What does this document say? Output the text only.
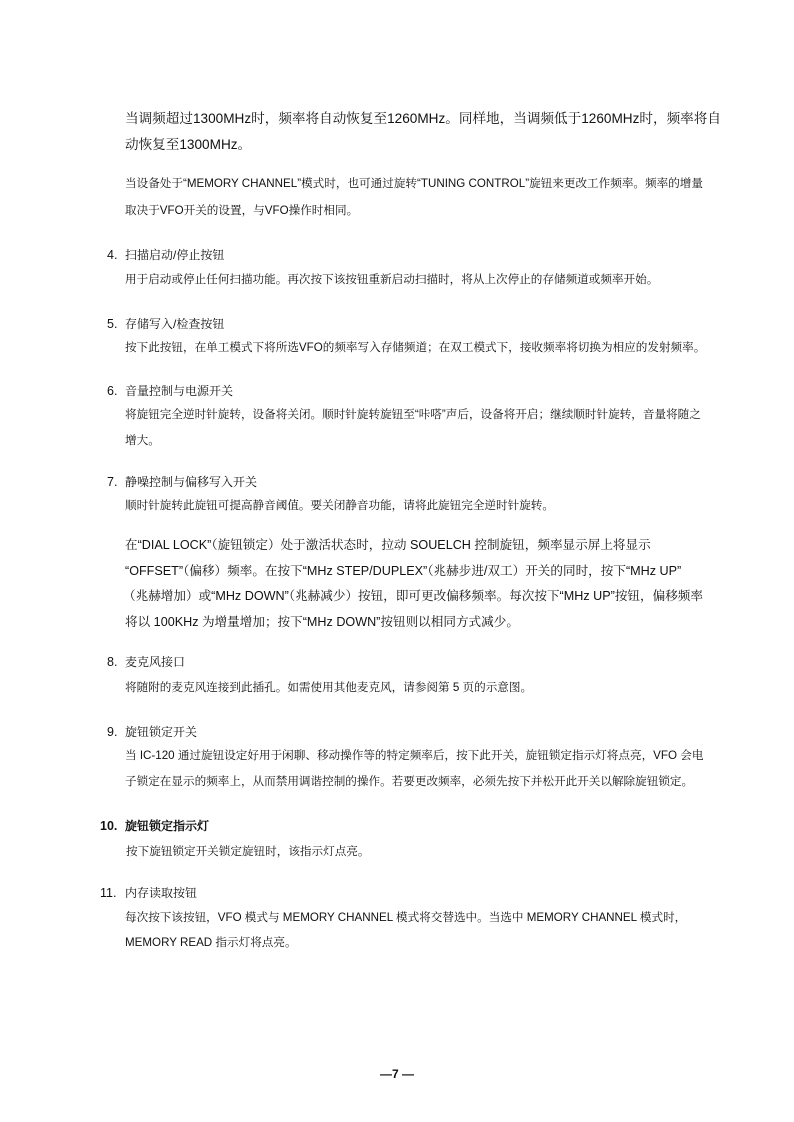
当调频超过1300MHz时，频率将自动恢复至1260MHz。同样地，当调频低于1260MHz时，频率将自
动恢复至1300MHz。
当设备处于“MEMORY CHANNEL”模式时，也可通过旋转“TUNING CONTROL”旋钮来更改工作频率。频率的增量
取决于VFO开关的设置，与VFO操作时相同。
4. 扫描启动/停止按钮
用于启动或停止任何扫描功能。再次按下该按钮重新启动扫描时，将从上次停止的存储频道或频率开始。
5. 存储写入/检查按钮
按下此按钮，在单工模式下将所选VFO的频率写入存储频道；在双工模式下，接收频率将切换为相应的发射频率。
6. 音量控制与电源开关
将旋钮完全逆时针旋转，设备将关闭。顺时针旋转旋钮至“咔嗒”声后，设备将开启；继续顺时针旋转，音量将随之
增大。
7. 静噪控制与偏移写入开关
顺时针旋转此旋钮可提高静音阈值。要关闭静音功能，请将此旋钮完全逆时针旋转。
在“DIAL LOCK”（旋钮锁定）处于激活状态时，拉动 SOUELCH 控制旋钮，频率显示屏上将显示
“OFFSET”（偏移）频率。在按下“MHz STEP/DUPLEX”（兆赫步进/双工）开关的同时，按下“MHz UP”
（兆赫增加）或“MHz DOWN”（兆赫减少）按钮，即可更改偏移频率。每次按下“MHz UP”按钮，偏移频率
将以 100KHz 为增量增加；按下“MHz DOWN”按钮则以相同方式减少。
8. 麦克风接口
将随附的麦克风连接到此插孔。如需使用其他麦克风，请参阅第 5 页的示意图。
9. 旋钮锁定开关
当 IC-120 通过旋钮设定好用于闲聊、移动操作等的特定频率后，按下此开关，旋钮锁定指示灯将点亮，VFO 会电
子锁定在显示的频率上，从而禁用调谐控制的操作。若要更改频率，必须先按下并松开此开关以解除旋钮锁定。
10. 旋钮锁定指示灯
按下旋钮锁定开关锁定旋钮时，该指示灯点亮。
11. 内存读取按钮
每次按下该按钮，VFO 模式与 MEMORY CHANNEL 模式将交替选中。当选中 MEMORY CHANNEL 模式时，
MEMORY READ 指示灯将点亮。
—7 —
